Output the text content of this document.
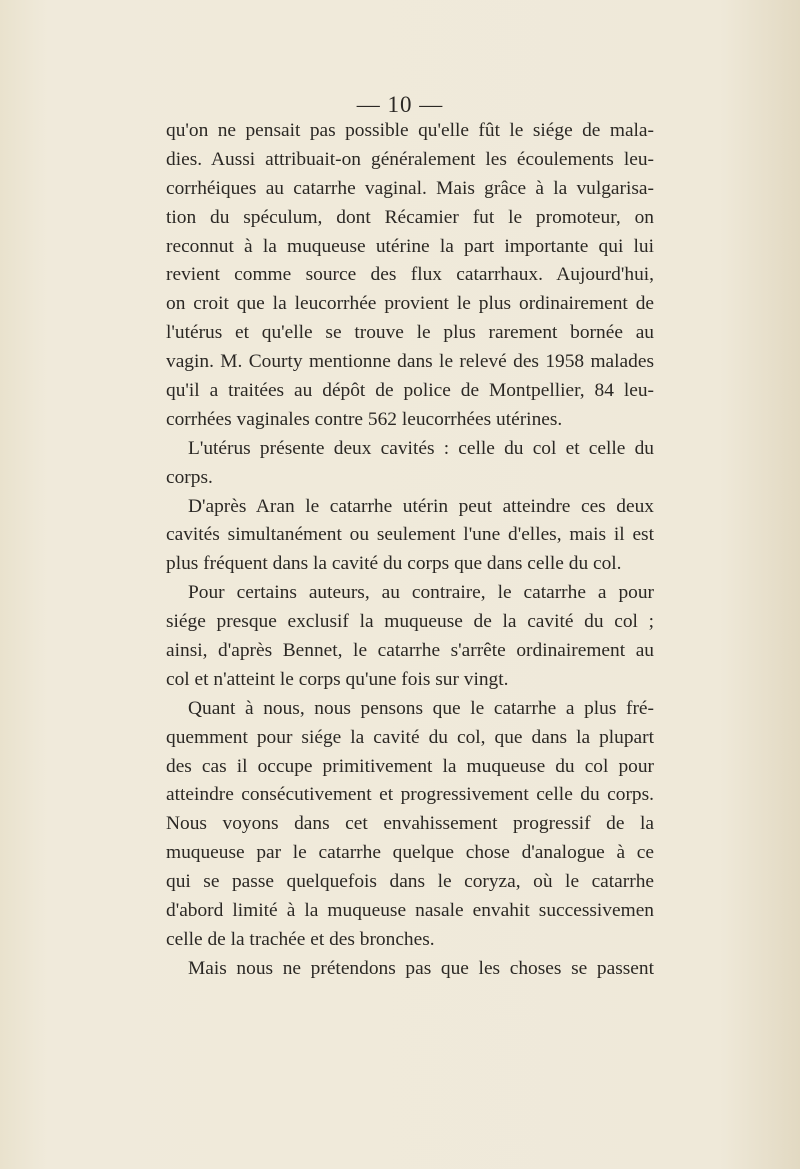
— 10 —
qu'on ne pensait pas possible qu'elle fût le siége de mala-
dies. Aussi attribuait-on généralement les écoulements leu-
corrhéiques au catarrhe vaginal. Mais grâce à la vulgarisa-
tion du spéculum, dont Récamier fut le promoteur, on
reconnut à la muqueuse utérine la part importante qui lui
revient comme source des flux catarrhaux. Aujourd'hui,
on croit que la leucorrhée provient le plus ordinairement de
l'utérus et qu'elle se trouve le plus rarement bornée au
vagin. M. Courty mentionne dans le relevé des 1958 malades
qu'il a traitées au dépôt de police de Montpellier, 84 leu-
corrhées vaginales contre 562 leucorrhées utérines.
L'utérus présente deux cavités : celle du col et celle du
corps.
D'après Aran le catarrhe utérin peut atteindre ces deux
cavités simultanément ou seulement l'une d'elles, mais il est
plus fréquent dans la cavité du corps que dans celle du col.
Pour certains auteurs, au contraire, le catarrhe a pour
siége presque exclusif la muqueuse de la cavité du col ;
ainsi, d'après Bennet, le catarrhe s'arrête ordinairement au
col et n'atteint le corps qu'une fois sur vingt.
Quant à nous, nous pensons que le catarrhe a plus fré-
quemment pour siége la cavité du col, que dans la plupart
des cas il occupe primitivement la muqueuse du col pour
atteindre consécutivement et progressivement celle du corps.
Nous voyons dans cet envahissement progressif de la
muqueuse par le catarrhe quelque chose d'analogue à ce
qui se passe quelquefois dans le coryza, où le catarrhe
d'abord limité à la muqueuse nasale envahit successivemen
celle de la trachée et des bronches.
Mais nous ne prétendons pas que les choses se passent
